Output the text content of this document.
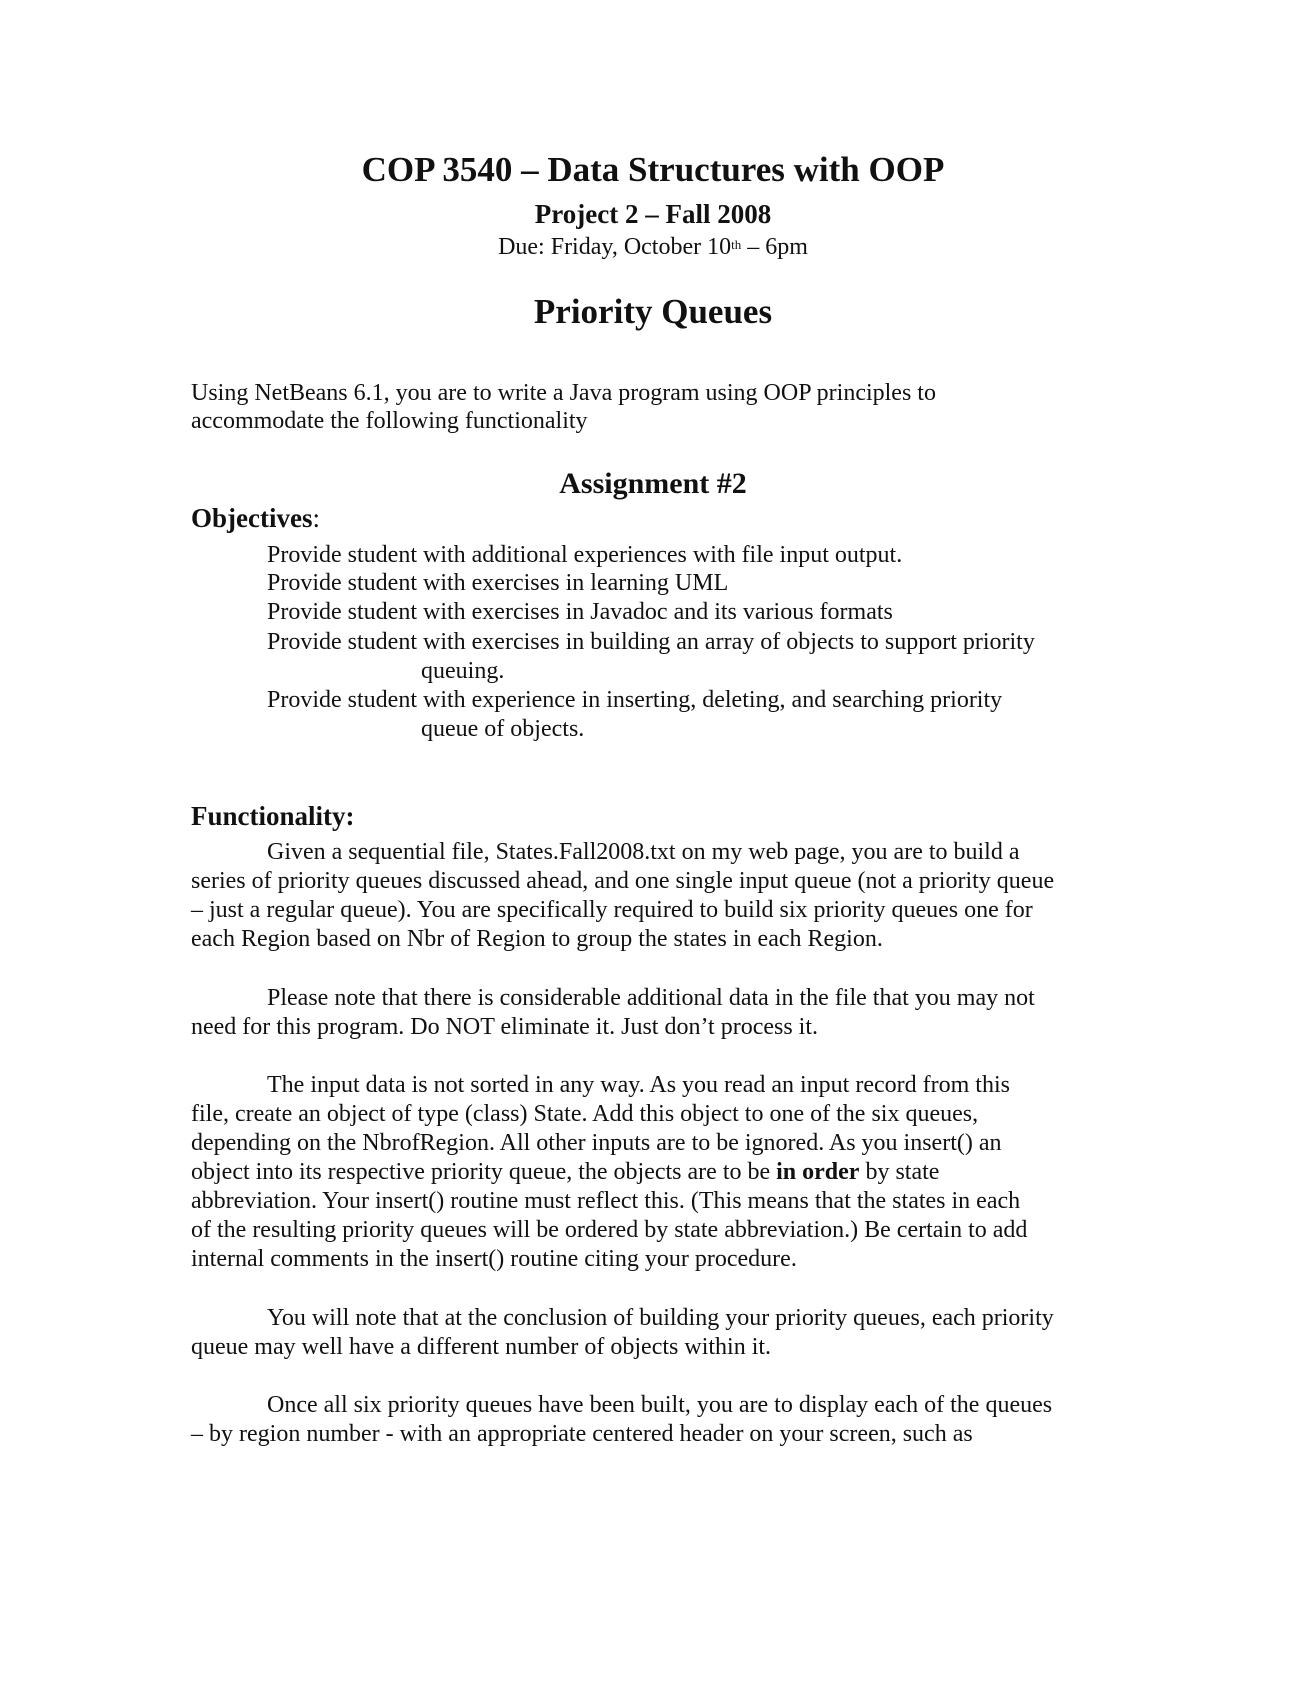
COP 3540 – Data Structures with OOP
Project 2 – Fall 2008
Due: Friday, October 10th – 6pm
Priority Queues
Using NetBeans 6.1, you are to write a Java program using OOP principles to
accommodate the following functionality
Assignment #2
Objectives:
Provide student with additional experiences with file input output.
Provide student with exercises in learning UML
Provide student with exercises in Javadoc and its various formats
Provide student with exercises in building an array of objects to support priority
queuing.
Provide student with experience in inserting, deleting, and searching priority
queue of objects.
Functionality:
Given a sequential file, States.Fall2008.txt on my web page, you are to build a
series of priority queues discussed ahead, and one single input queue (not a priority queue
– just a regular queue). You are specifically required to build six priority queues one for
each Region based on Nbr of Region to group the states in each Region.
Please note that there is considerable additional data in the file that you may not
need for this program. Do NOT eliminate it. Just don’t process it.
The input data is not sorted in any way. As you read an input record from this
file, create an object of type (class) State. Add this object to one of the six queues,
depending on the NbrofRegion. All other inputs are to be ignored. As you insert() an
object into its respective priority queue, the objects are to be in order by state
abbreviation. Your insert() routine must reflect this. (This means that the states in each
of the resulting priority queues will be ordered by state abbreviation.) Be certain to add
internal comments in the insert() routine citing your procedure.
You will note that at the conclusion of building your priority queues, each priority
queue may well have a different number of objects within it.
Once all six priority queues have been built, you are to display each of the queues
– by region number - with an appropriate centered header on your screen, such as
